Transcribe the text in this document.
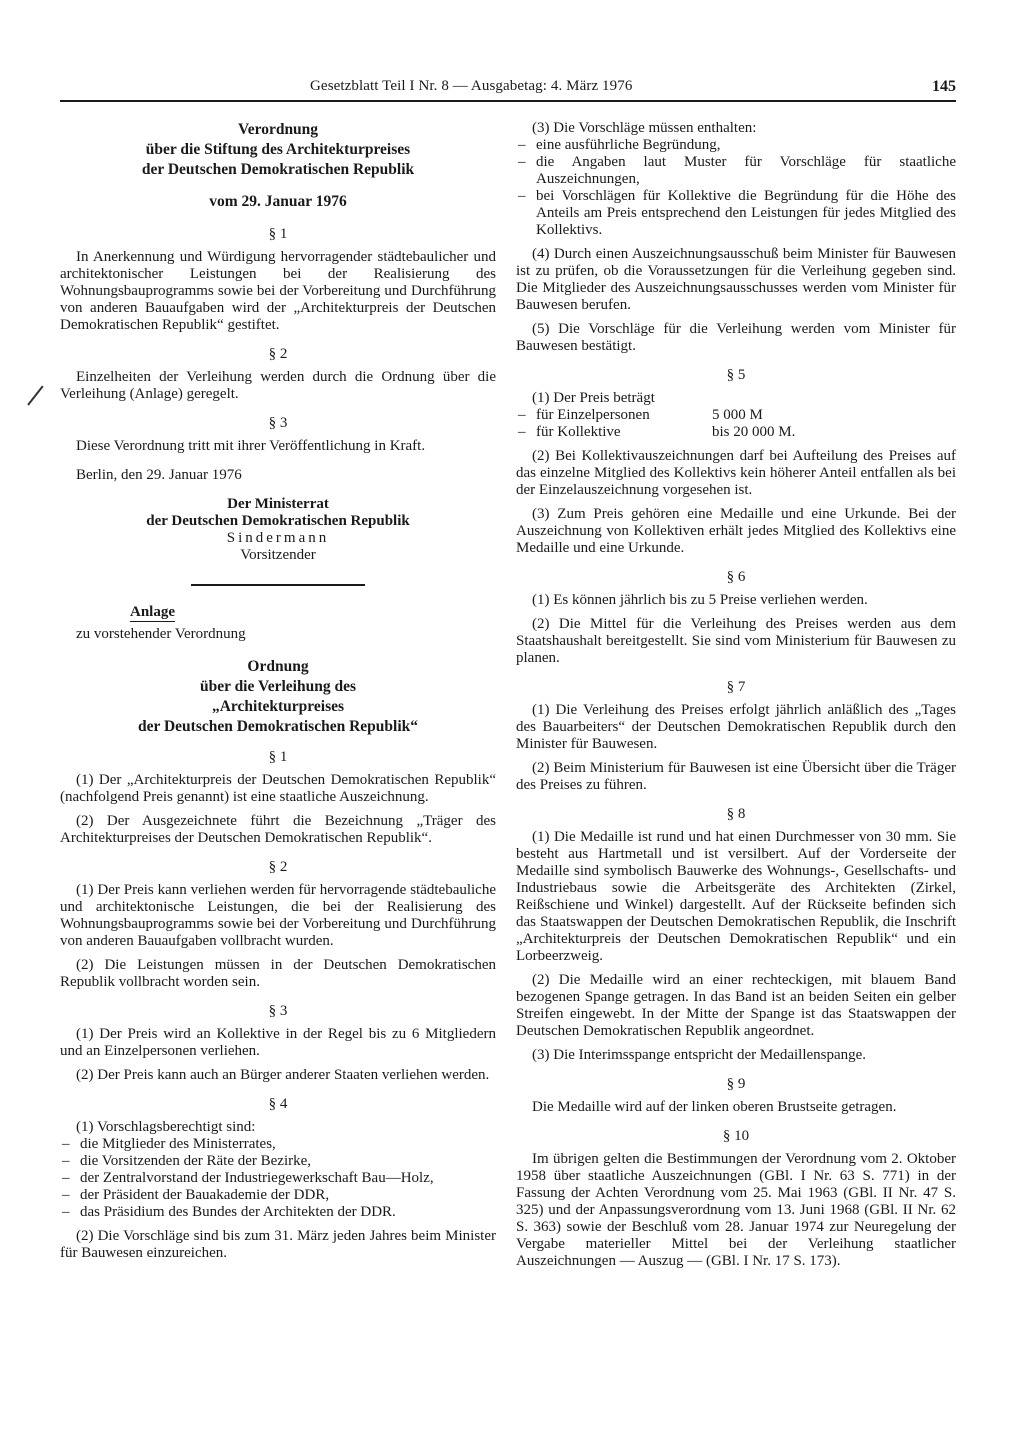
Gesetzblatt Teil I Nr. 8 — Ausgabetag: 4. März 1976	145
Verordnung
über die Stiftung des Architekturpreises
der Deutschen Demokratischen Republik

vom 29. Januar 1976

§ 1

In Anerkennung und Würdigung hervorragender städtebaulicher und architektonischer Leistungen bei der Realisierung des Wohnungsbauprogramms sowie bei der Vorbereitung und Durchführung von anderen Bauaufgaben wird der „Architekturpreis der Deutschen Demokratischen Republik“ gestiftet.

§ 2

Einzelheiten der Verleihung werden durch die Ordnung über die Verleihung (Anlage) geregelt.

§ 3

Diese Verordnung tritt mit ihrer Veröffentlichung in Kraft.

Berlin, den 29. Januar 1976

Der Ministerrat
der Deutschen Demokratischen Republik

Sindermann

Vorsitzender

Anlage

zu vorstehender Verordnung

Ordnung
über die Verleihung des
„Architekturpreises
der Deutschen Demokratischen Republik“

§ 1

(1) Der „Architekturpreis der Deutschen Demokratischen Republik“ (nachfolgend Preis genannt) ist eine staatliche Auszeichnung.

(2) Der Ausgezeichnete führt die Bezeichnung „Träger des Architekturpreises der Deutschen Demokratischen Republik“.

§ 2

(1) Der Preis kann verliehen werden für hervorragende städtebauliche und architektonische Leistungen, die bei der Realisierung des Wohnungsbauprogramms sowie bei der Vorbereitung und Durchführung von anderen Bauaufgaben vollbracht wurden.

(2) Die Leistungen müssen in der Deutschen Demokratischen Republik vollbracht worden sein.

§ 3

(1) Der Preis wird an Kollektive in der Regel bis zu 6 Mitgliedern und an Einzelpersonen verliehen.

(2) Der Preis kann auch an Bürger anderer Staaten verliehen werden.

§ 4

(1) Vorschlagsberechtigt sind:

– die Mitglieder des Ministerrates,

– die Vorsitzenden der Räte der Bezirke,

– der Zentralvorstand der Industriegewerkschaft Bau—Holz,

– der Präsident der Bauakademie der DDR,

– das Präsidium des Bundes der Architekten der DDR.

(2) Die Vorschläge sind bis zum 31. März jeden Jahres beim Minister für Bauwesen einzureichen.

(3) Die Vorschläge müssen enthalten:

– eine ausführliche Begründung,

– die Angaben laut Muster für Vorschläge für staatliche Auszeichnungen,

– bei Vorschlägen für Kollektive die Begründung für die Höhe des Anteils am Preis entsprechend den Leistungen für jedes Mitglied des Kollektivs.

(4) Durch einen Auszeichnungsausschuß beim Minister für Bauwesen ist zu prüfen, ob die Voraussetzungen für die Verleihung gegeben sind. Die Mitglieder des Auszeichnungsausschusses werden vom Minister für Bauwesen berufen.

(5) Die Vorschläge für die Verleihung werden vom Minister für Bauwesen bestätigt.

§ 5

(1) Der Preis beträgt

– für Einzelpersonen	5 000 M
– für Kollektive	bis 20 000 M.

(2) Bei Kollektivauszeichnungen darf bei Aufteilung des Preises auf das einzelne Mitglied des Kollektivs kein höherer Anteil entfallen als bei der Einzelauszeichnung vorgesehen ist.

(3) Zum Preis gehören eine Medaille und eine Urkunde. Bei der Auszeichnung von Kollektiven erhält jedes Mitglied des Kollektivs eine Medaille und eine Urkunde.

§ 6

(1) Es können jährlich bis zu 5 Preise verliehen werden.

(2) Die Mittel für die Verleihung des Preises werden aus dem Staatshaushalt bereitgestellt. Sie sind vom Ministerium für Bauwesen zu planen.

§ 7

(1) Die Verleihung des Preises erfolgt jährlich anläßlich des „Tages des Bauarbeiters“ der Deutschen Demokratischen Republik durch den Minister für Bauwesen.

(2) Beim Ministerium für Bauwesen ist eine Übersicht über die Träger des Preises zu führen.

§ 8

(1) Die Medaille ist rund und hat einen Durchmesser von 30 mm. Sie besteht aus Hartmetall und ist versilbert. Auf der Vorderseite der Medaille sind symbolisch Bauwerke des Wohnungs-, Gesellschafts- und Industriebaus sowie die Arbeitsgeräte des Architekten (Zirkel, Reißschiene und Winkel) dargestellt. Auf der Rückseite befinden sich das Staatswappen der Deutschen Demokratischen Republik, die Inschrift „Architekturpreis der Deutschen Demokratischen Republik“ und ein Lorbeerzweig.

(2) Die Medaille wird an einer rechteckigen, mit blauem Band bezogenen Spange getragen. In das Band ist an beiden Seiten ein gelber Streifen eingewebt. In der Mitte der Spange ist das Staatswappen der Deutschen Demokratischen Republik angeordnet.

(3) Die Interimsspange entspricht der Medaillenspange.

§ 9

Die Medaille wird auf der linken oberen Brustseite getragen.

§ 10

Im übrigen gelten die Bestimmungen der Verordnung vom 2. Oktober 1958 über staatliche Auszeichnungen (GBl. I Nr. 63 S. 771) in der Fassung der Achten Verordnung vom 25. Mai 1963 (GBl. II Nr. 47 S. 325) und der Anpassungsverordnung vom 13. Juni 1968 (GBl. II Nr. 62 S. 363) sowie der Beschluß vom 28. Januar 1974 zur Neuregelung der Vergabe materieller Mittel bei der Verleihung staatlicher Auszeichnungen — Auszug — (GBl. I Nr. 17 S. 173).
